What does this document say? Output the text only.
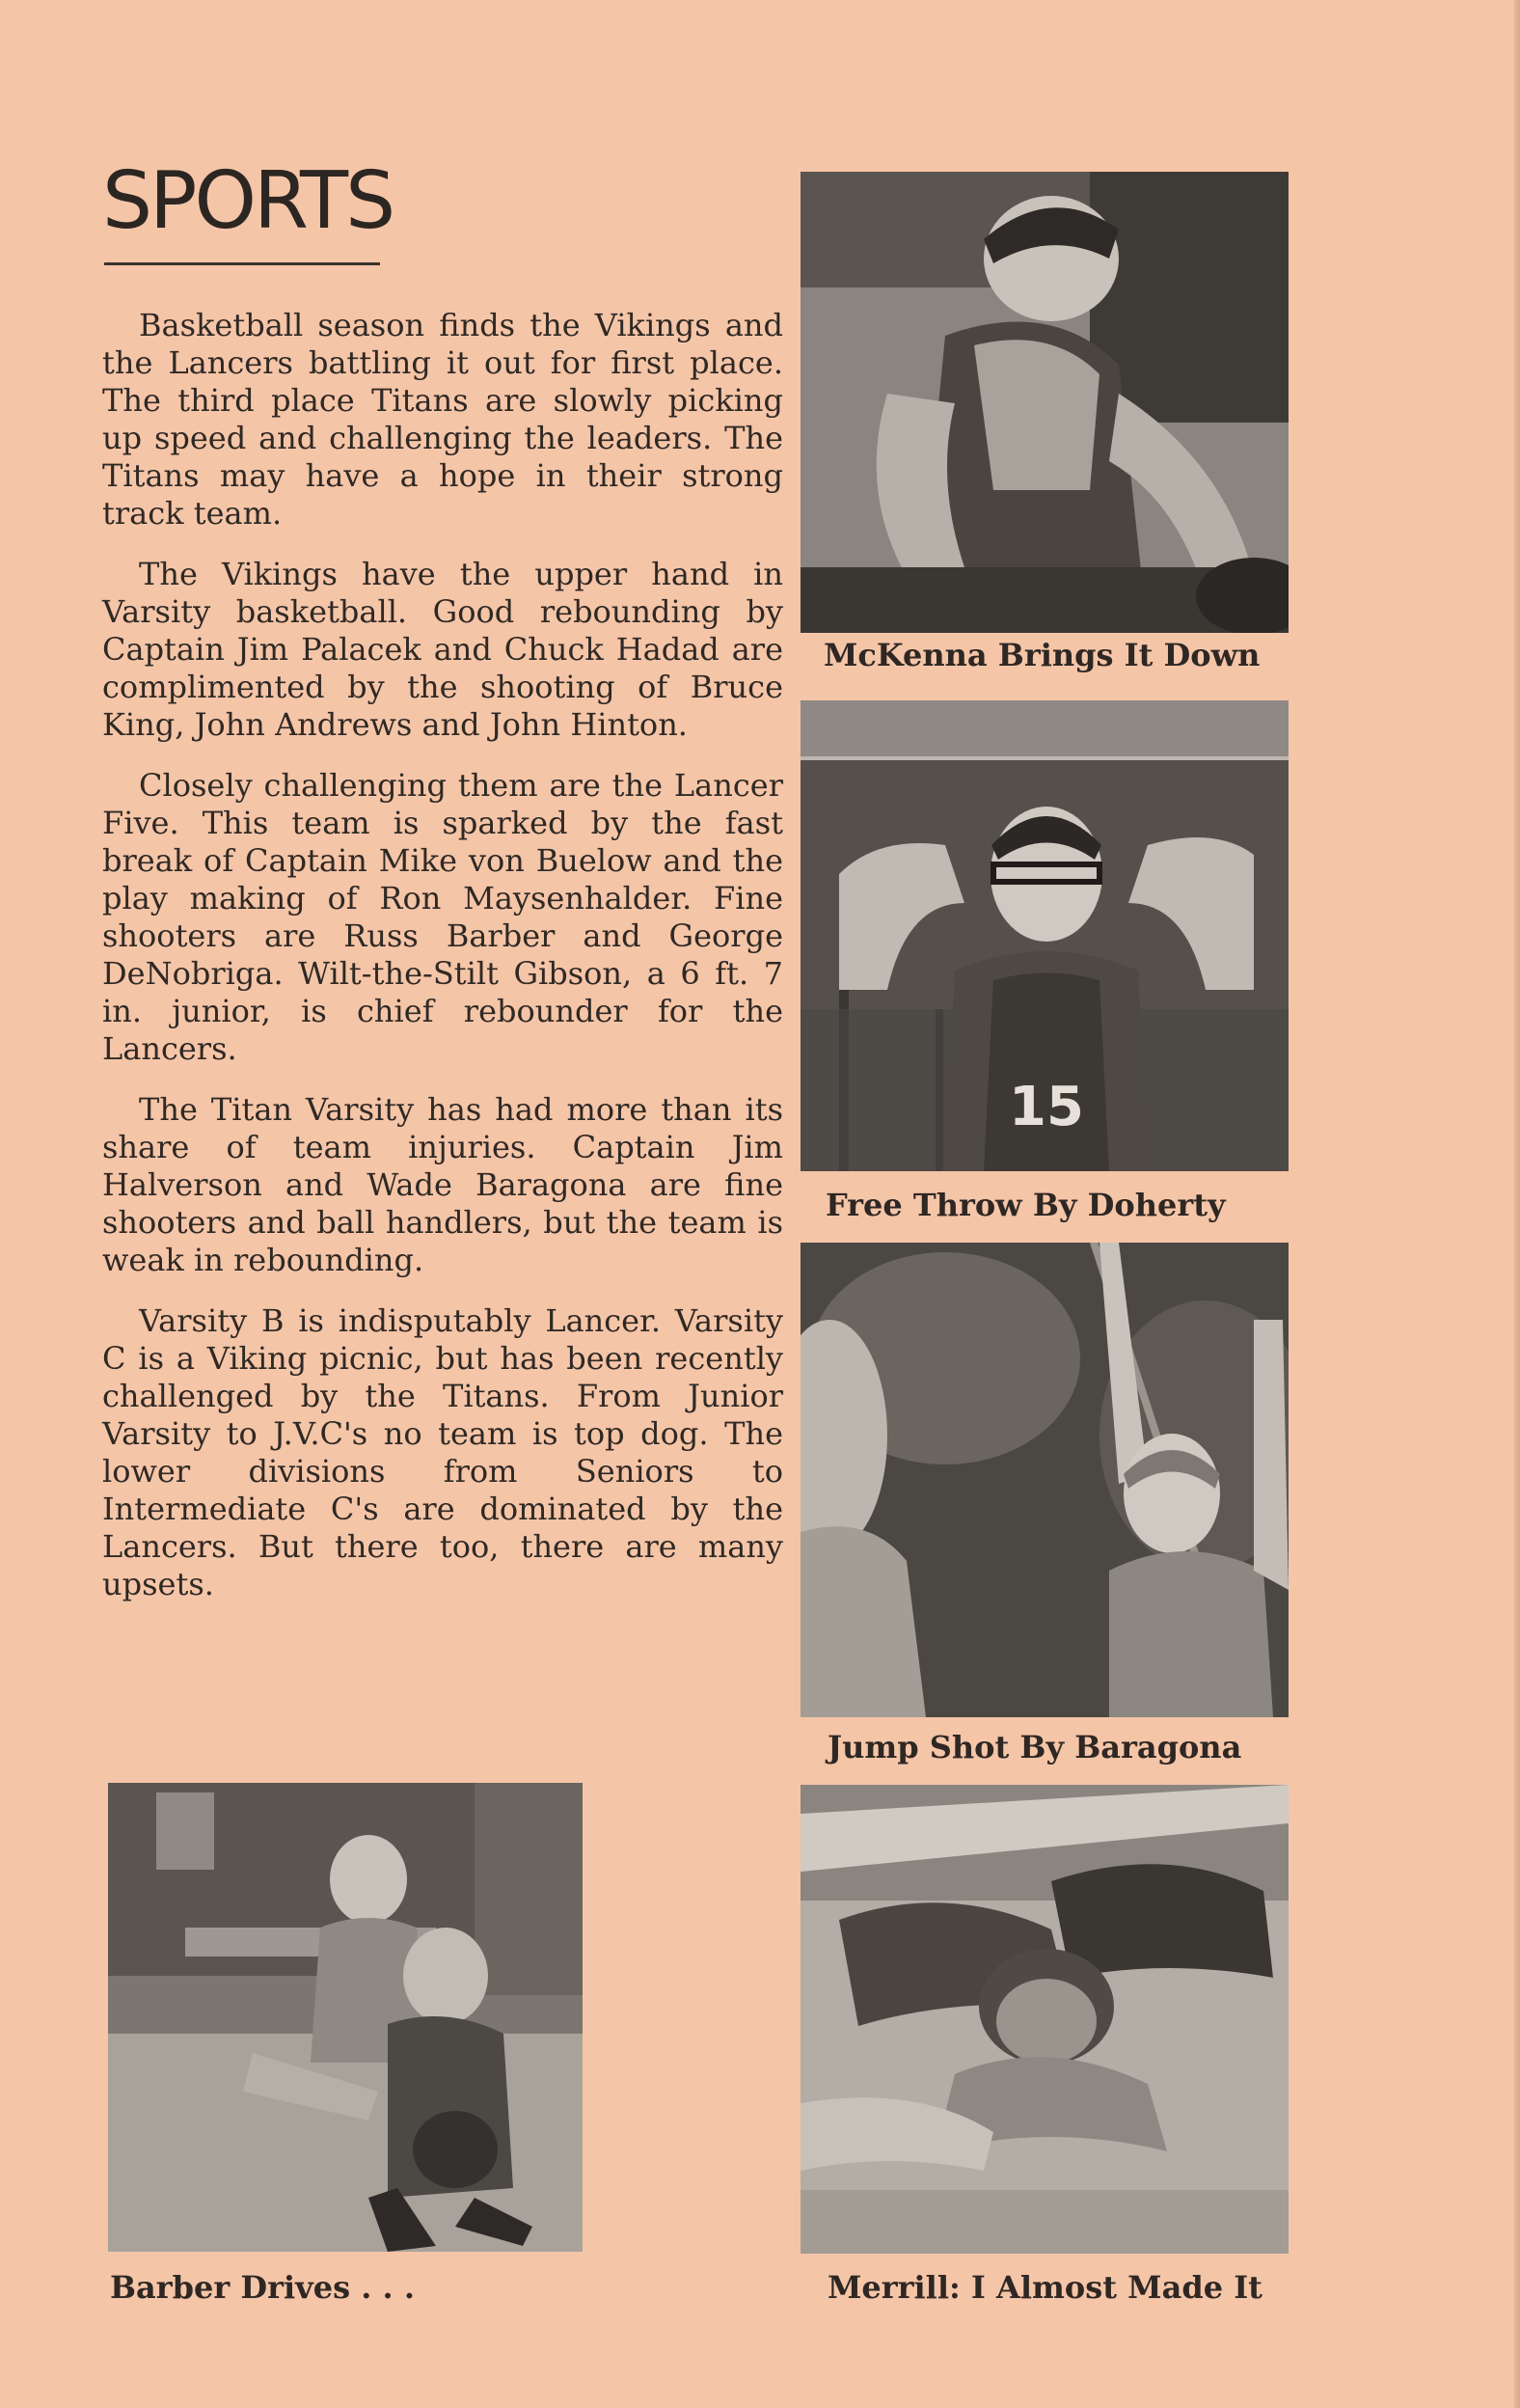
SPORTS

Basketball season finds the Vikings and the Lancers battling it out for first place. The third place Titans are slowly picking up speed and challenging the leaders. The Titans may have a hope in their strong track team.

The Vikings have the upper hand in Varsity basketball. Good rebounding by Captain Jim Palacek and Chuck Hadad are complimented by the shooting of Bruce King, John Andrews and John Hinton.

Closely challenging them are the Lancer Five. This team is sparked by the fast break of Captain Mike von Buelow and the play making of Ron Maysenhalder. Fine shooters are Russ Barber and George DeNobriga. Wilt-the-Stilt Gibson, a 6 ft. 7 in. junior, is chief rebounder for the Lancers.

The Titan Varsity has had more than its share of team injuries. Captain Jim Halverson and Wade Baragona are fine shooters and ball handlers, but the team is weak in rebounding.

Varsity B is indisputably Lancer. Varsity C is a Viking picnic, but has been recently challenged by the Titans. From Junior Varsity to J.V.C's no team is top dog. The lower divisions from Seniors to Intermediate C's are dominated by the Lancers. But there too, there are many upsets.

McKenna Brings It Down
15
Free Throw By Doherty
Jump Shot By Baragona
Barber Drives . . .	Merrill: I Almost Made It
